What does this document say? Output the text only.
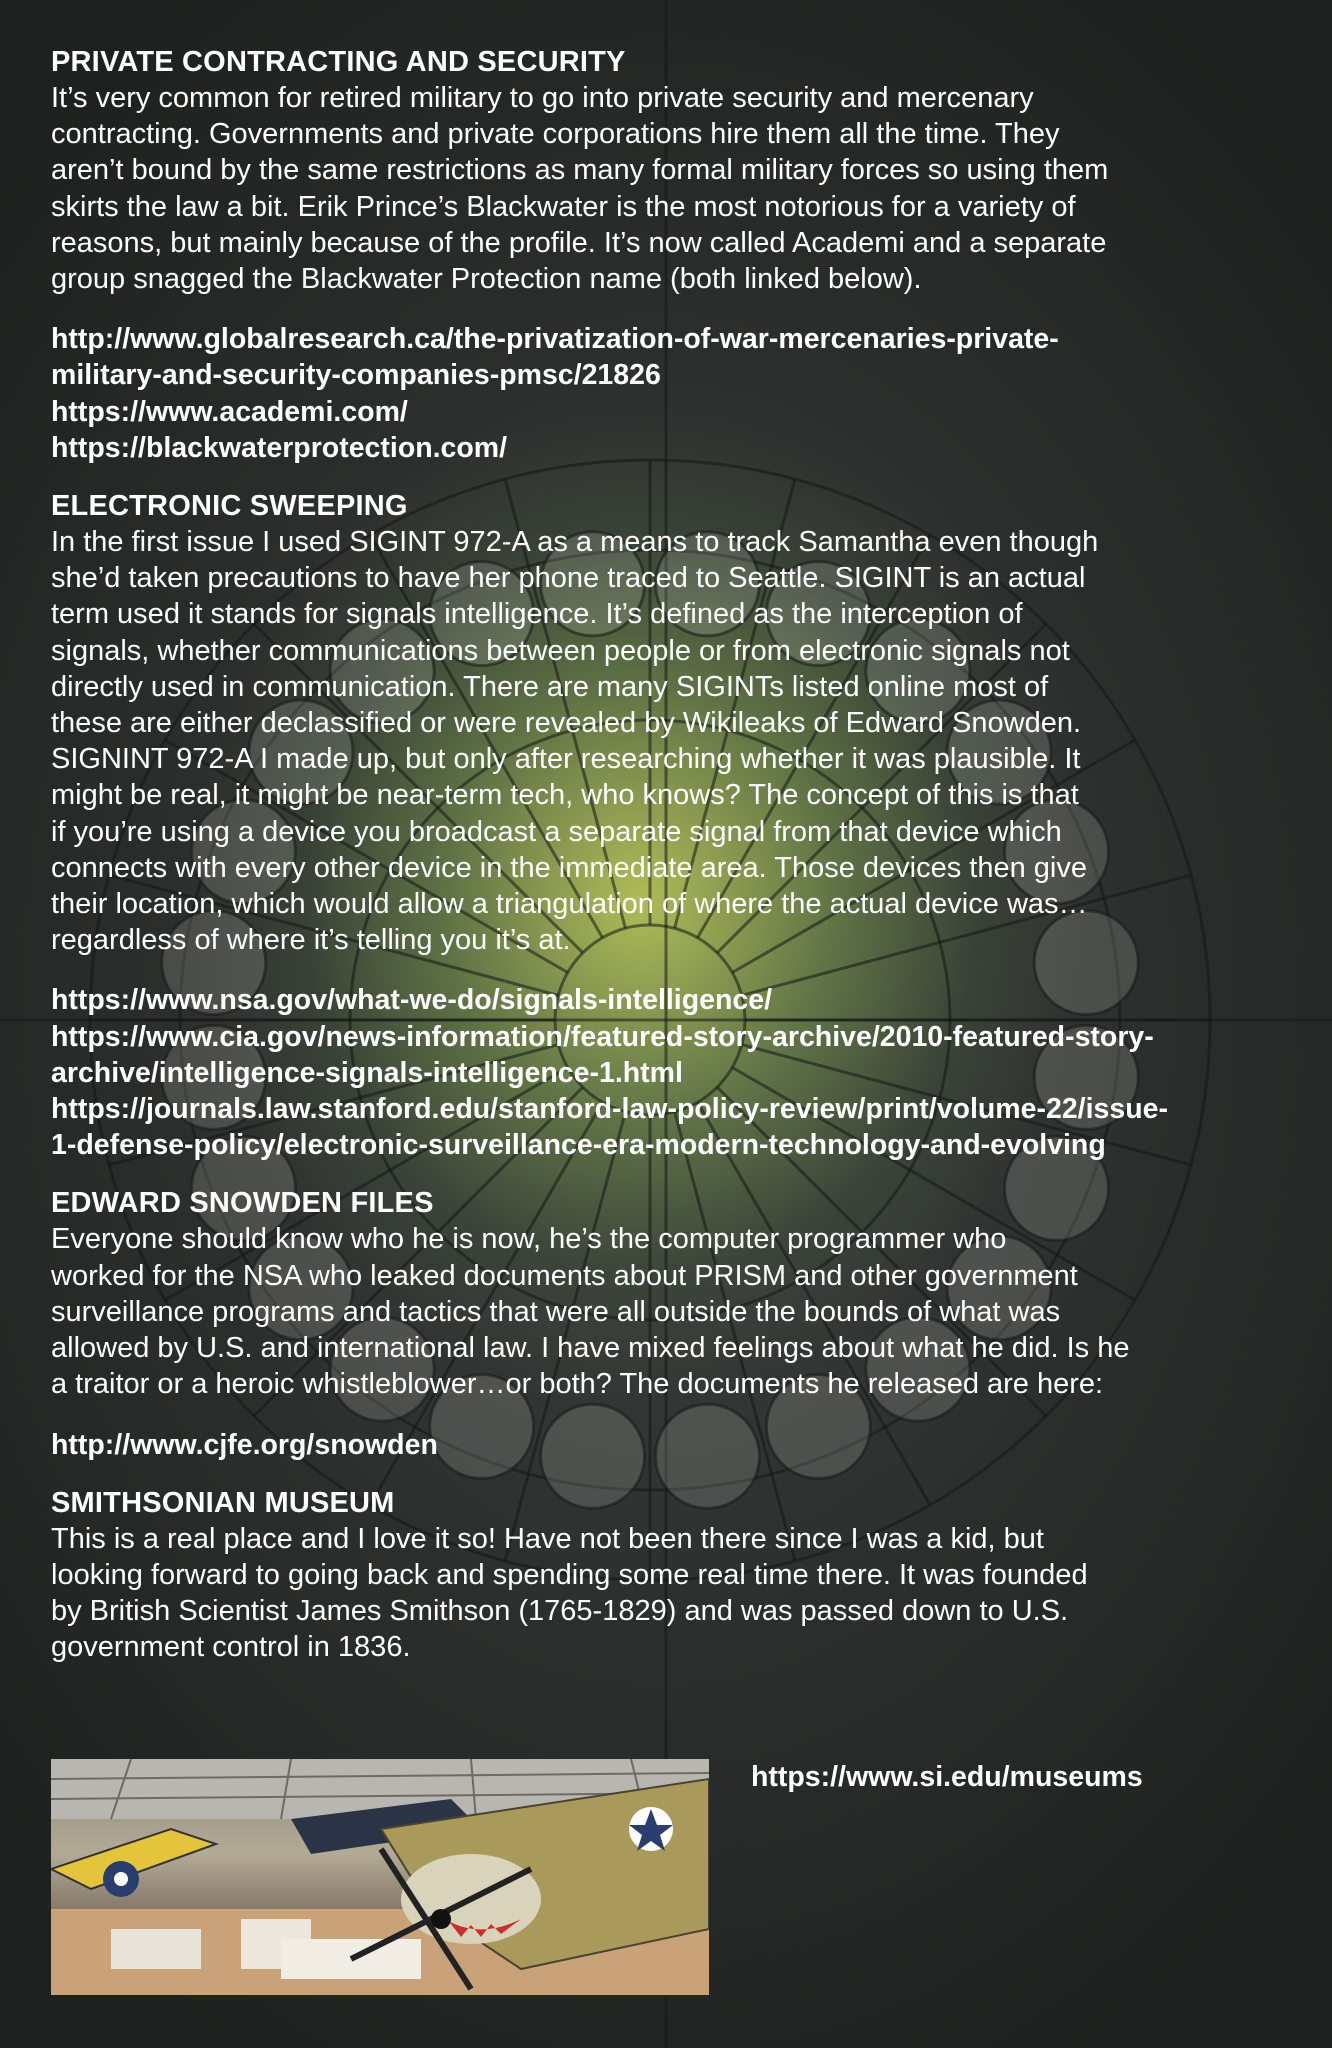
PRIVATE CONTRACTING AND SECURITY
It’s very common for retired military to go into private security and mercenary
contracting. Governments and private corporations hire them all the time. They
aren’t bound by the same restrictions as many formal military forces so using them
skirts the law a bit. Erik Prince’s Blackwater is the most notorious for a variety of
reasons, but mainly because of the profile. It’s now called Academi and a separate
group snagged the Blackwater Protection name (both linked below).
http://www.globalresearch.ca/the-privatization-of-war-mercenaries-private-
military-and-security-companies-pmsc/21826
https://www.academi.com/
https://blackwaterprotection.com/
ELECTRONIC SWEEPING
In the first issue I used SIGINT 972-A as a means to track Samantha even though
she’d taken precautions to have her phone traced to Seattle. SIGINT is an actual
term used it stands for signals intelligence. It’s defined as the interception of
signals, whether communications between people or from electronic signals not
directly used in communication. There are many SIGINTs listed online most of
these are either declassified or were revealed by Wikileaks of Edward Snowden.
SIGNINT 972-A I made up, but only after researching whether it was plausible. It
might be real, it might be near-term tech, who knows? The concept of this is that
if you’re using a device you broadcast a separate signal from that device which
connects with every other device in the immediate area. Those devices then give
their location, which would allow a triangulation of where the actual device was…
regardless of where it’s telling you it’s at.
https://www.nsa.gov/what-we-do/signals-intelligence/
https://www.cia.gov/news-information/featured-story-archive/2010-featured-story-
archive/intelligence-signals-intelligence-1.html
https://journals.law.stanford.edu/stanford-law-policy-review/print/volume-22/issue-
1-defense-policy/electronic-surveillance-era-modern-technology-and-evolving
EDWARD SNOWDEN FILES
Everyone should know who he is now, he’s the computer programmer who
worked for the NSA who leaked documents about PRISM and other government
surveillance programs and tactics that were all outside the bounds of what was
allowed by U.S. and international law. I have mixed feelings about what he did. Is he
a traitor or a heroic whistleblower…or both? The documents he released are here:
http://www.cjfe.org/snowden
SMITHSONIAN MUSEUM
This is a real place and I love it so! Have not been there since I was a kid, but
looking forward to going back and spending some real time there. It was founded
by British Scientist James Smithson (1765-1829) and was passed down to U.S.
government control in 1836.
https://www.si.edu/museums
